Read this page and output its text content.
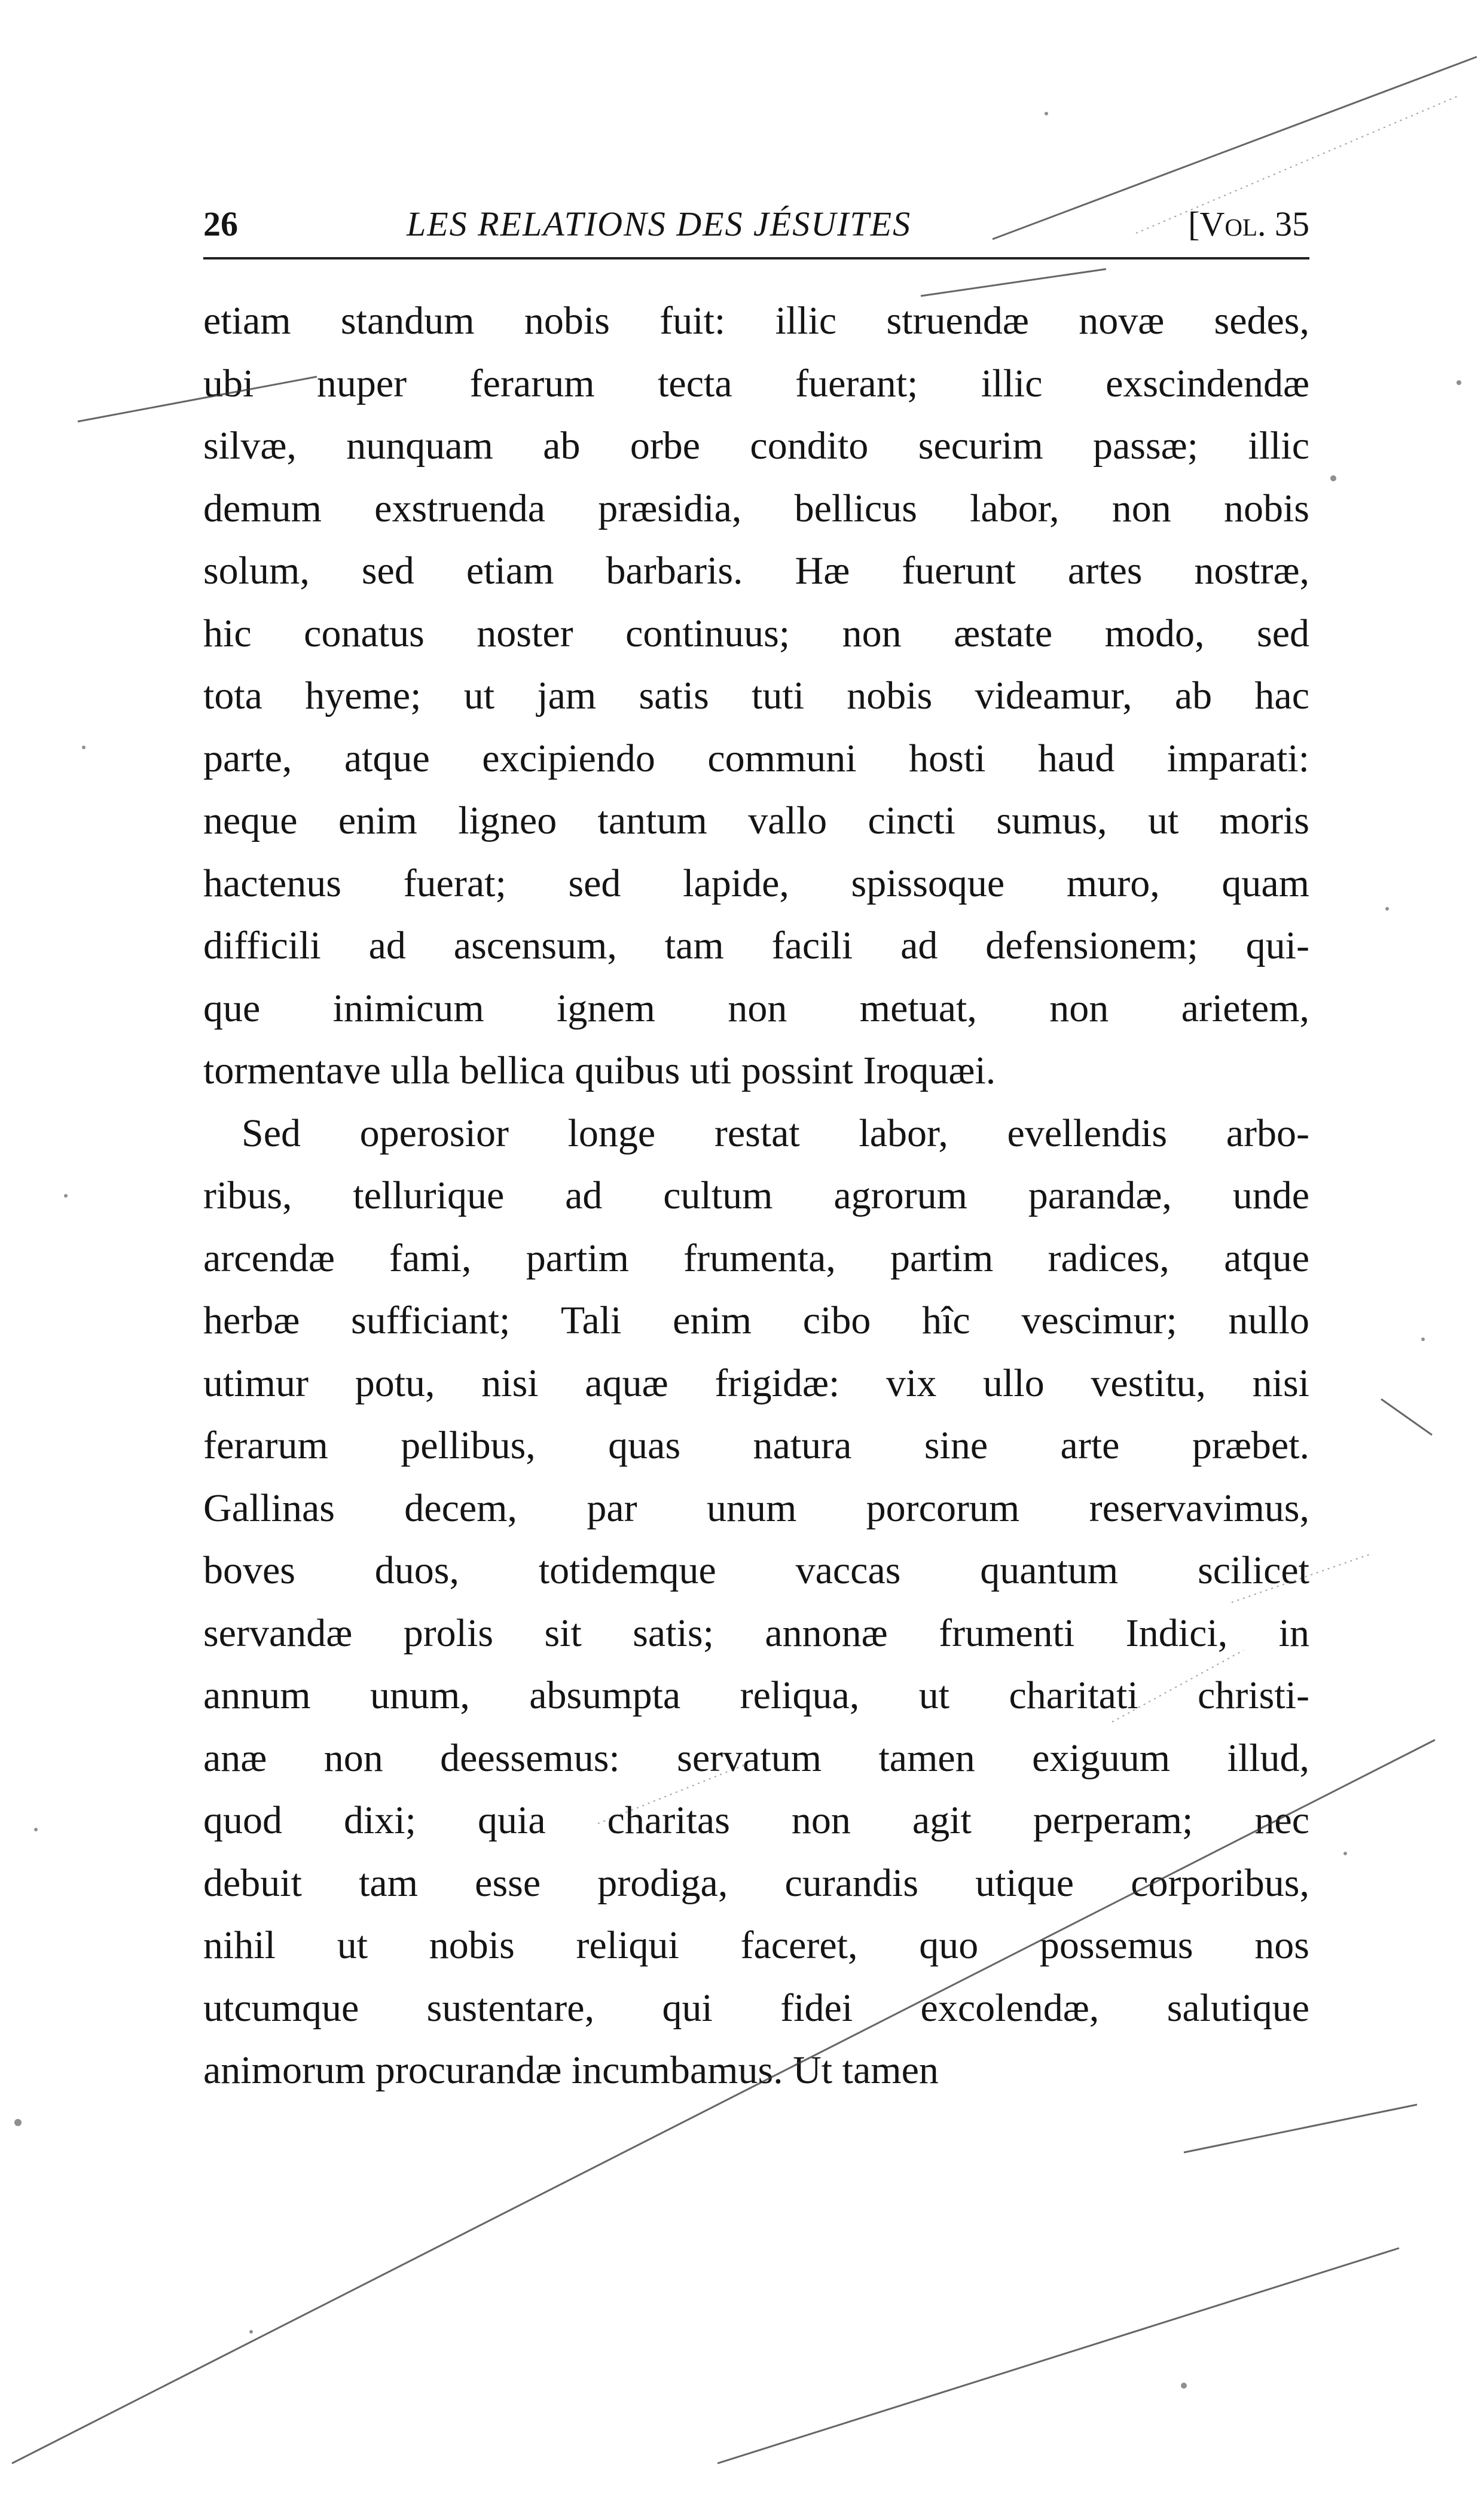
26	LES RELATIONS DES JÉSUITES	[Vol. 35
etiam standum nobis fuit: illic struendæ novæ sedes,
ubi nuper ferarum tecta fuerant; illic exscindendæ
silvæ, nunquam ab orbe condito securim passæ; illic
demum exstruenda præsidia, bellicus labor, non nobis
solum, sed etiam barbaris. Hæ fuerunt artes nostræ,
hic conatus noster continuus; non æstate modo, sed
tota hyeme; ut jam satis tuti nobis videamur, ab hac
parte, atque excipiendo communi hosti haud imparati:
neque enim ligneo tantum vallo cincti sumus, ut moris
hactenus fuerat; sed lapide, spissoque muro, quam
difficili ad ascensum, tam facili ad defensionem; qui-
que inimicum ignem non metuat, non arietem,
tormentave ulla bellica quibus uti possint Iroquæi.
Sed operosior longe restat labor, evellendis arbo-
ribus, tellurique ad cultum agrorum parandæ, unde
arcendæ fami, partim frumenta, partim radices, atque
herbæ sufficiant; Tali enim cibo hîc vescimur; nullo
utimur potu, nisi aquæ frigidæ: vix ullo vestitu, nisi
ferarum pellibus, quas natura sine arte præbet.
Gallinas decem, par unum porcorum reservavimus,
boves duos, totidemque vaccas quantum scilicet
servandæ prolis sit satis; annonæ frumenti Indici, in
annum unum, absumpta reliqua, ut charitati christi-
anæ non deessemus: servatum tamen exiguum illud,
quod dixi; quia charitas non agit perperam; nec
debuit tam esse prodiga, curandis utique corporibus,
nihil ut nobis reliqui faceret, quo possemus nos
utcumque sustentare, qui fidei excolendæ, salutique
animorum procurandæ incumbamus. Ut tamen
